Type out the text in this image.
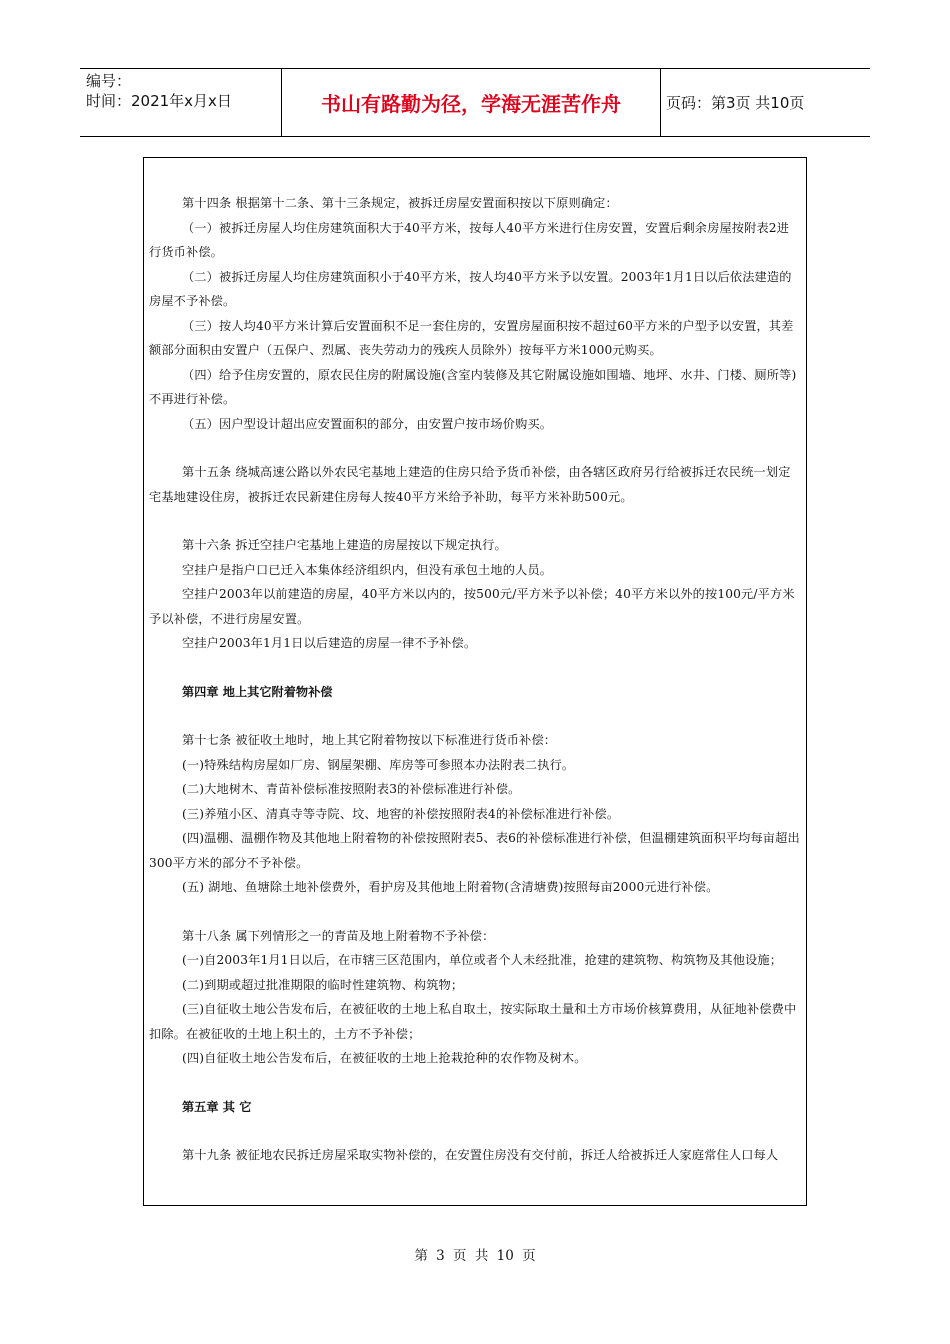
编号：
时间：2021年x月x日	书山有路勤为径，学海无涯苦作舟	页码：第3页 共10页

第十四条 根据第十二条、第十三条规定，被拆迁房屋安置面积按以下原则确定：

（一）被拆迁房屋人均住房建筑面积大于40平方米，按每人40平方米进行住房安置，安置后剩余房屋按附表2进行货币补偿。

（二）被拆迁房屋人均住房建筑面积小于40平方米，按人均40平方米予以安置。2003年1月1日以后依法建造的房屋不予补偿。

（三）按人均40平方米计算后安置面积不足一套住房的，安置房屋面积按不超过60平方米的户型予以安置，其差额部分面积由安置户（五保户、烈属、丧失劳动力的残疾人员除外）按每平方米1000元购买。

（四）给予住房安置的，原农民住房的附属设施(含室内装修及其它附属设施如围墙、地坪、水井、门楼、厕所等)不再进行补偿。

（五）因户型设计超出应安置面积的部分，由安置户按市场价购买。

第十五条 绕城高速公路以外农民宅基地上建造的住房只给予货币补偿，由各辖区政府另行给被拆迁农民统一划定宅基地建设住房，被拆迁农民新建住房每人按40平方米给予补助，每平方米补助500元。

第十六条 拆迁空挂户宅基地上建造的房屋按以下规定执行。

空挂户是指户口已迁入本集体经济组织内，但没有承包土地的人员。

空挂户2003年以前建造的房屋，40平方米以内的，按500元/平方米予以补偿；40平方米以外的按100元/平方米予以补偿，不进行房屋安置。

空挂户2003年1月1日以后建造的房屋一律不予补偿。

第四章 地上其它附着物补偿

第十七条 被征收土地时，地上其它附着物按以下标准进行货币补偿：

(一)特殊结构房屋如厂房、钢屋架棚、库房等可参照本办法附表二执行。

(二)大地树木、青苗补偿标准按照附表3的补偿标准进行补偿。

(三)养殖小区、清真寺等寺院、坟、地窖的补偿按照附表4的补偿标准进行补偿。

(四)温棚、温棚作物及其他地上附着物的补偿按照附表5、表6的补偿标准进行补偿，但温棚建筑面积平均每亩超出300平方米的部分不予补偿。

(五) 湖地、鱼塘除土地补偿费外，看护房及其他地上附着物(含清塘费)按照每亩2000元进行补偿。

第十八条 属下列情形之一的青苗及地上附着物不予补偿：

(一)自2003年1月1日以后，在市辖三区范围内，单位或者个人未经批准，抢建的建筑物、构筑物及其他设施；

(二)到期或超过批准期限的临时性建筑物、构筑物；

(三)自征收土地公告发布后，在被征收的土地上私自取土，按实际取土量和土方市场价核算费用，从征地补偿费中扣除。在被征收的土地上积土的，土方不予补偿；

(四)自征收土地公告发布后，在被征收的土地上抢栽抢种的农作物及树木。

第五章 其 它

第十九条 被征地农民拆迁房屋采取实物补偿的，在安置住房没有交付前，拆迁人给被拆迁人家庭常住人口每人

第 3 页 共 10 页
